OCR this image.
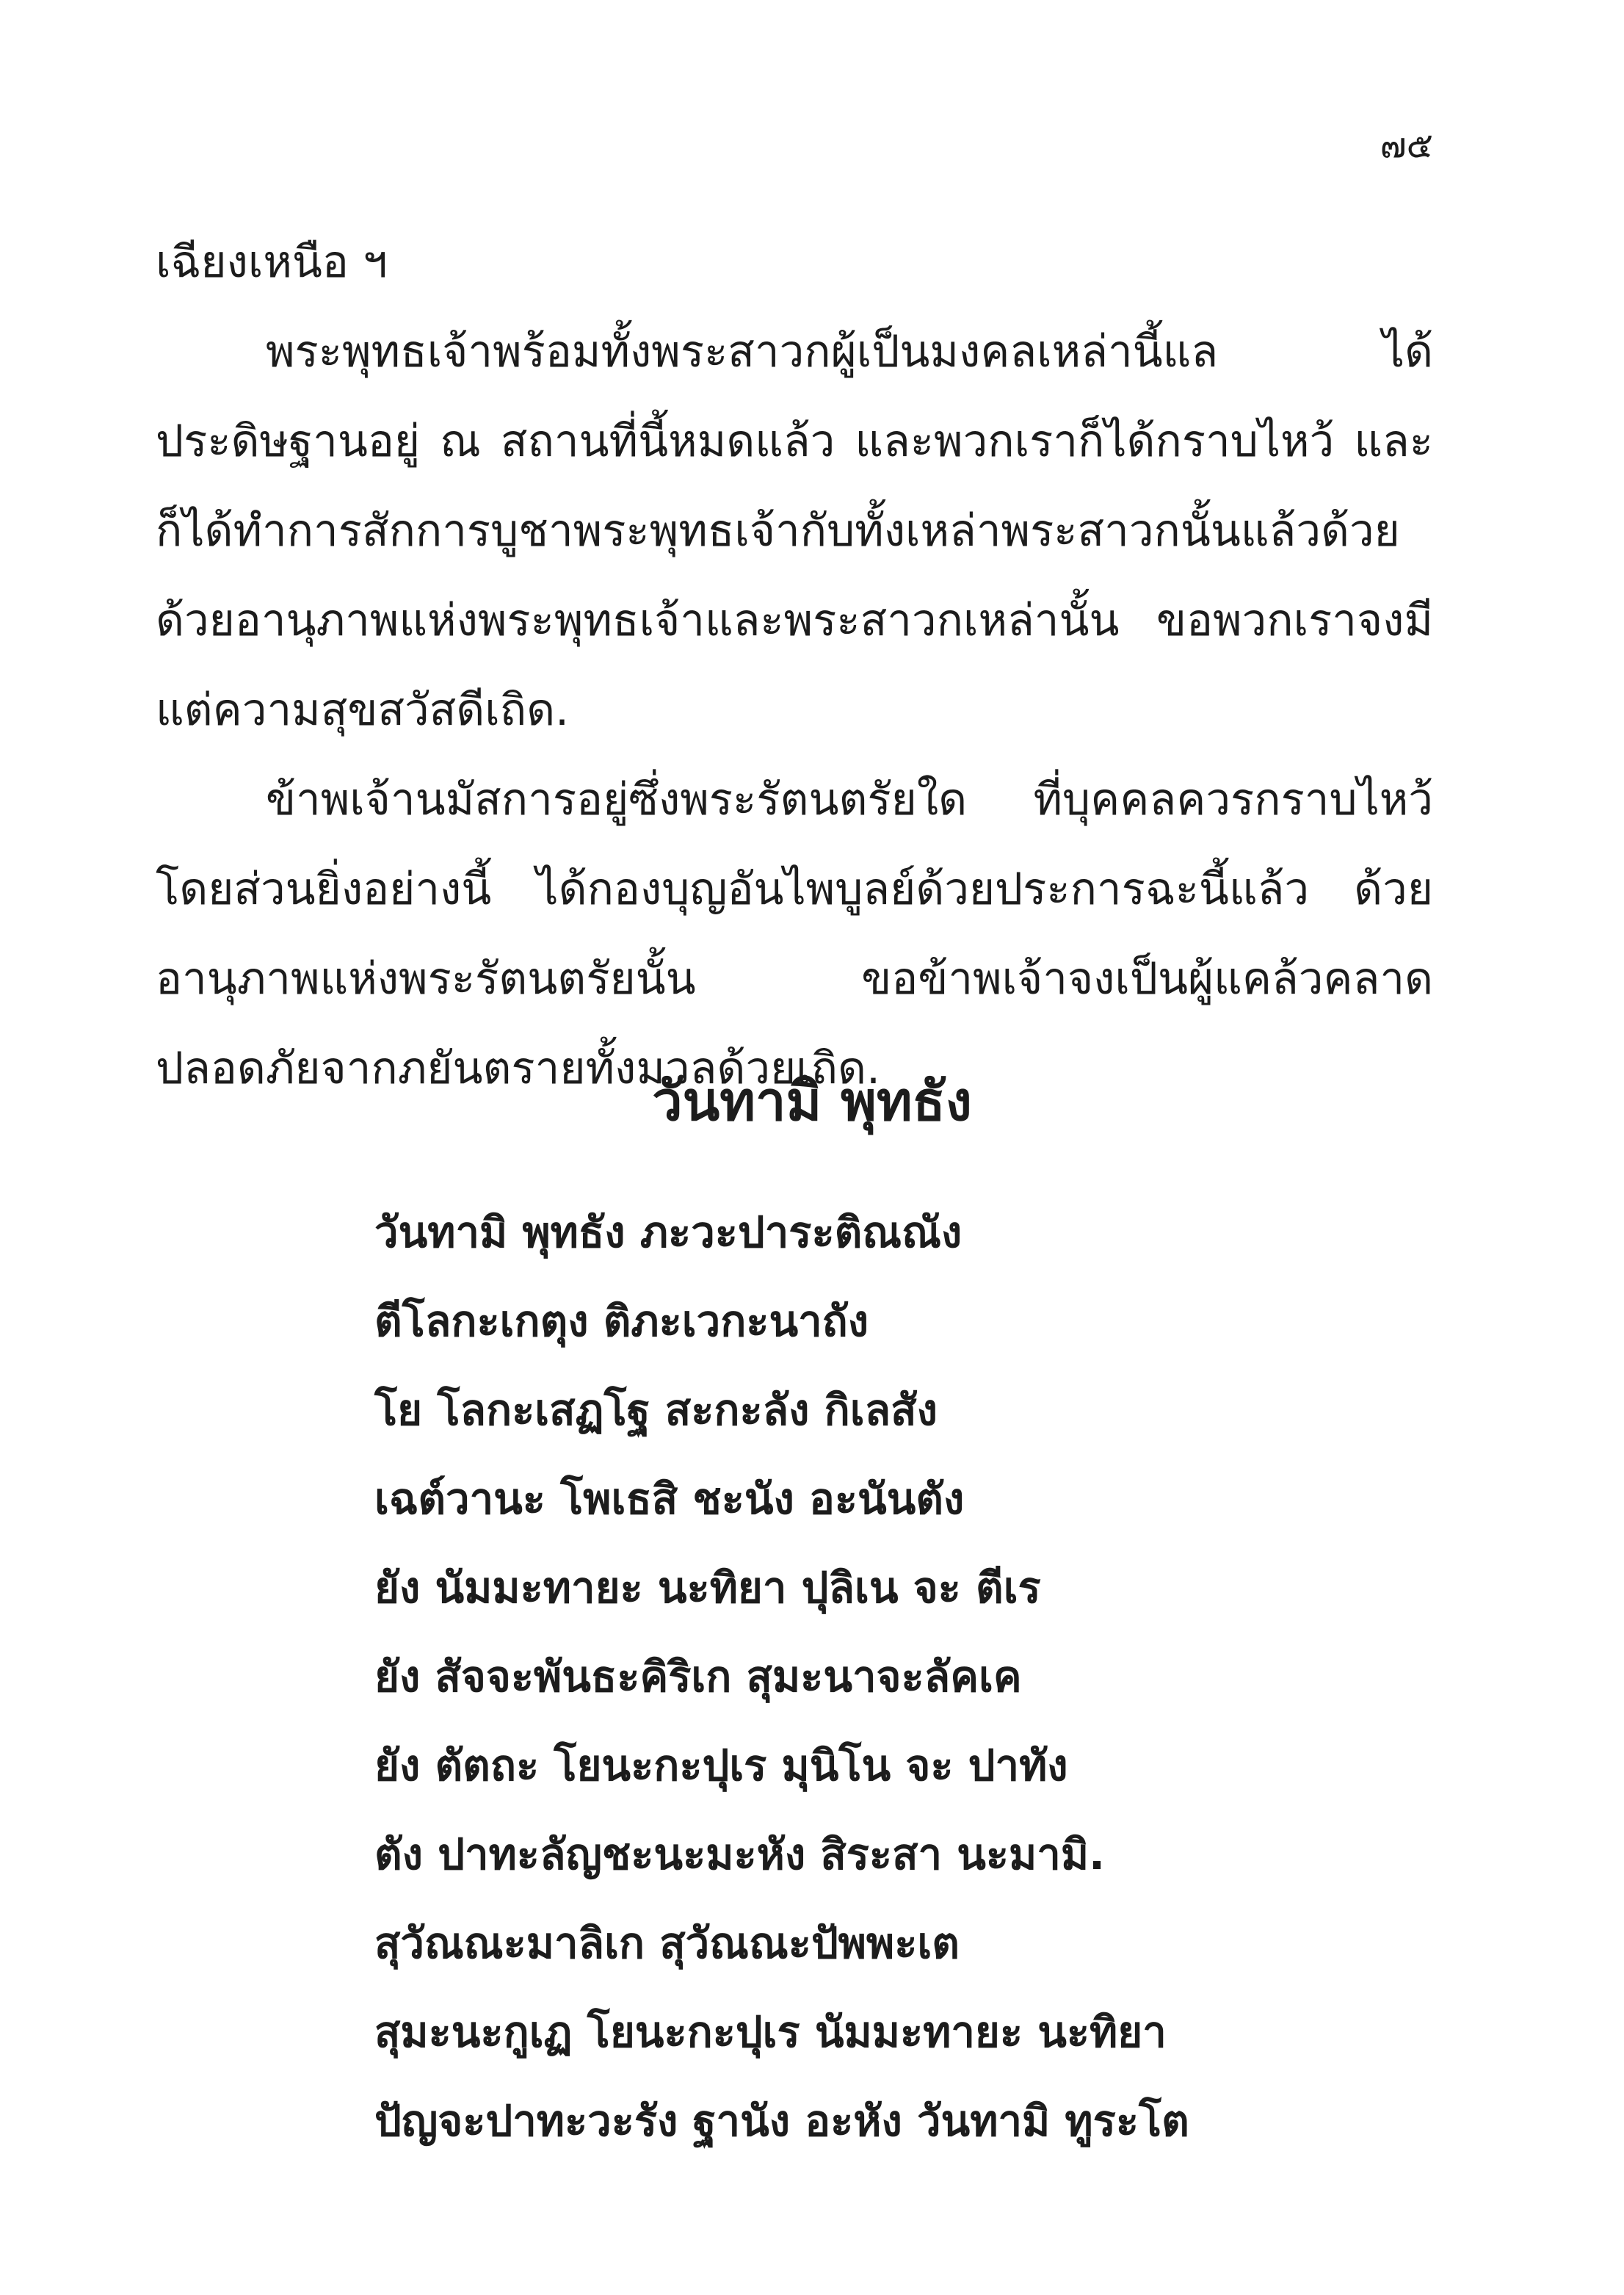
๗๕

เฉียงเหนือ ฯ

พระพุทธเจ้าพร้อมทั้งพระสาวกผู้เป็นมงคลเหล่านี้แล ได้ประดิษฐานอยู่ ณ สถานที่นี้หมดแล้ว และพวกเราก็ได้กราบไหว้ และก็ได้ทำการสักการบูชาพระพุทธเจ้ากับทั้งเหล่าพระสาวกนั้นแล้วด้วย ด้วยอานุภาพแห่งพระพุทธเจ้าและพระสาวกเหล่านั้น ขอพวกเราจงมีแต่ความสุขสวัสดีเถิด.

ข้าพเจ้านมัสการอยู่ซึ่งพระรัตนตรัยใด ที่บุคคลควรกราบไหว้โดยส่วนยิ่งอย่างนี้ ได้กองบุญอันไพบูลย์ด้วยประการฉะนี้แล้ว ด้วยอานุภาพแห่งพระรัตนตรัยนั้น ขอข้าพเจ้าจงเป็นผู้แคล้วคลาดปลอดภัยจากภยันตรายทั้งมวลด้วยเถิด.

วันทามิ พุทธัง
วันทามิ พุทธัง ภะวะปาระติณณัง
ตีโลกะเกตุง ติภะเวกะนาถัง
โย โลกะเสฏโฐ สะกะลัง กิเลสัง
เฉต์วานะ โพเธสิ ชะนัง อะนันตัง
ยัง นัมมะทายะ นะทิยา ปุลิเน จะ ตีเร
ยัง สัจจะพันธะคิริเก สุมะนาจะลัคเค
ยัง ตัตถะ โยนะกะปุเร มุนิโน จะ ปาทัง
ตัง ปาทะลัญชะนะมะหัง สิระสา นะมามิ.
สุวัณณะมาลิเก สุวัณณะปัพพะเต
สุมะนะกูเฏ โยนะกะปุเร นัมมะทายะ นะทิยา
ปัญจะปาทะวะรัง ฐานัง อะหัง วันทามิ ทูระโต
